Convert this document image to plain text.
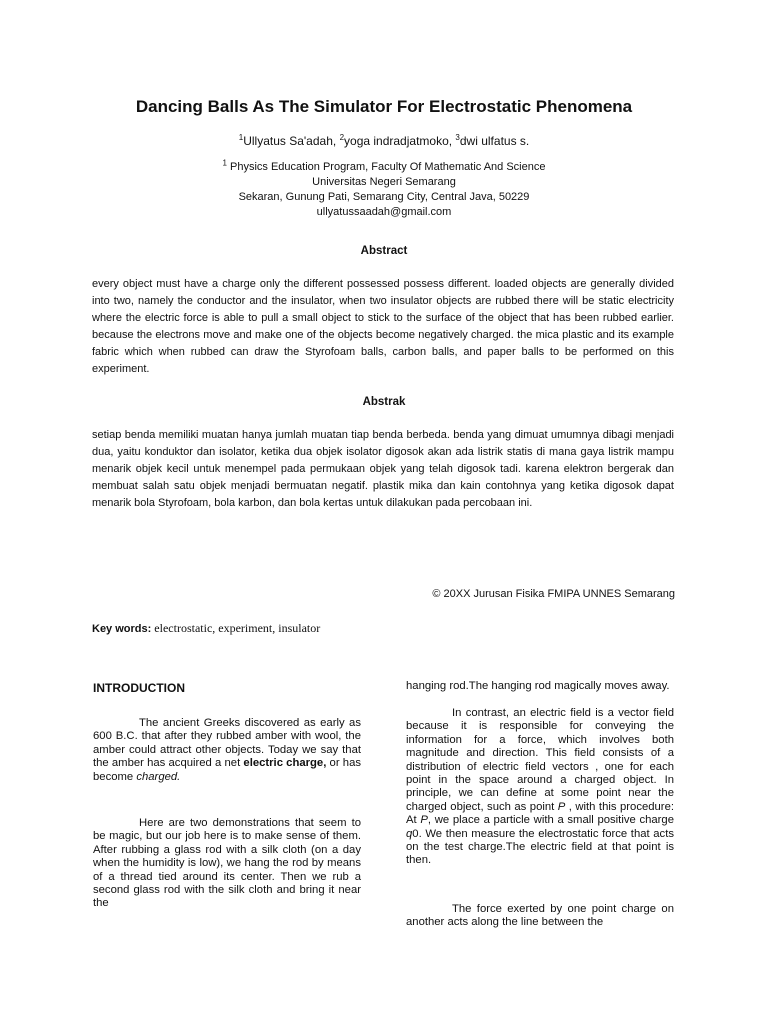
Dancing Balls As The Simulator For Electrostatic Phenomena
$^1$Ullyatus Sa'adah, $^2$yoga indradjatmoko, $^3$dwi ulfatus s.
$^1$ Physics Education Program, Faculty Of Mathematic And Science
Universitas Negeri Semarang
Sekaran, Gunung Pati, Semarang City, Central Java, 50229
ullyatussaadah@gmail.com
Abstract
every object must have a charge only the different possessed possess different. loaded objects are generally divided into two, namely the conductor and the insulator, when two insulator objects are rubbed there will be static electricity where the electric force is able to pull a small object to stick to the surface of the object that has been rubbed earlier. because the electrons move and make one of the objects become negatively charged. the mica plastic and its example fabric which when rubbed can draw the Styrofoam balls, carbon balls, and paper balls to be performed on this experiment.
Abstrak
setiap benda memiliki muatan hanya jumlah muatan tiap benda berbeda. benda yang dimuat umumnya dibagi menjadi dua, yaitu konduktor dan isolator, ketika dua objek isolator digosok akan ada listrik statis di mana gaya listrik mampu menarik objek kecil untuk menempel pada permukaan objek yang telah digosok tadi. karena elektron bergerak dan membuat salah satu objek menjadi bermuatan negatif. plastik mika dan kain contohnya yang ketika digosok dapat menarik bola Styrofoam, bola karbon, dan bola kertas untuk dilakukan pada percobaan ini.
© 20XX Jurusan Fisika FMIPA UNNES Semarang
Key words: electrostatic, experiment, insulator
INTRODUCTION

The ancient Greeks discovered as early as 600 B.C. that after they rubbed amber with wool, the amber could attract other objects. Today we say that the amber has acquired a net electric charge, or has become charged.

Here are two demonstrations that seem to be magic, but our job here is to make sense of them. After rubbing a glass rod with a silk cloth (on a day when the humidity is low), we hang the rod by means of a thread tied around its center. Then we rub a second glass rod with the silk cloth and bring it near the

hanging rod.The hanging rod magically moves away.

In contrast, an electric field is a vector field because it is responsible for conveying the information for a force, which involves both magnitude and direction. This field consists of a distribution of electric field vectors , one for each point in the space around a charged object. In principle, we can define at some point near the charged object, such as point P , with this procedure: At P, we place a particle with a small positive charge q0. We then measure the electrostatic force that acts on the test charge.The electric field at that point is then.

The force exerted by one point charge on another acts along the line between the
